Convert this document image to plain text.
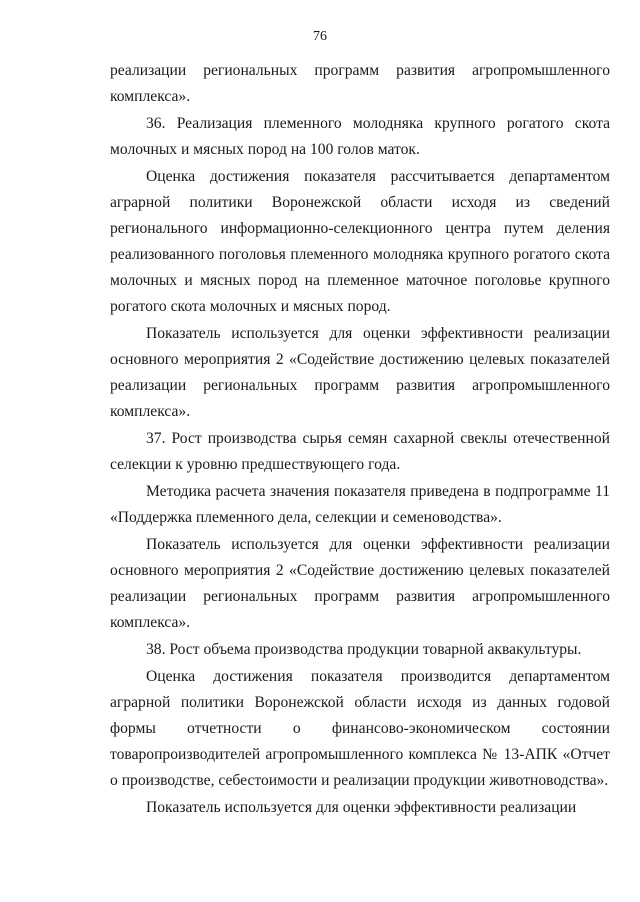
76

реализации региональных программ развития агропромышленного комплекса».

36. Реализация племенного молодняка крупного рогатого скота молочных и мясных пород на 100 голов маток.

Оценка достижения показателя рассчитывается департаментом аграрной политики Воронежской области исходя из сведений регионального информационно-селекционного центра путем деления реализованного поголовья племенного молодняка крупного рогатого скота молочных и мясных пород на племенное маточное поголовье крупного рогатого скота молочных и мясных пород.

Показатель используется для оценки эффективности реализации основного мероприятия 2 «Содействие достижению целевых показателей реализации региональных программ развития агропромышленного комплекса».

37. Рост производства сырья семян сахарной свеклы отечественной селекции к уровню предшествующего года.

Методика расчета значения показателя приведена в подпрограмме 11 «Поддержка племенного дела, селекции и семеноводства».

Показатель используется для оценки эффективности реализации основного мероприятия 2 «Содействие достижению целевых показателей реализации региональных программ развития агропромышленного комплекса».

38. Рост объема производства продукции товарной аквакультуры.

Оценка достижения показателя производится департаментом аграрной политики Воронежской области исходя из данных годовой формы отчетности о финансово-экономическом состоянии товаропроизводителей агропромышленного комплекса № 13-АПК «Отчет о производстве, себестоимости и реализации продукции животноводства».

Показатель используется для оценки эффективности реализации
